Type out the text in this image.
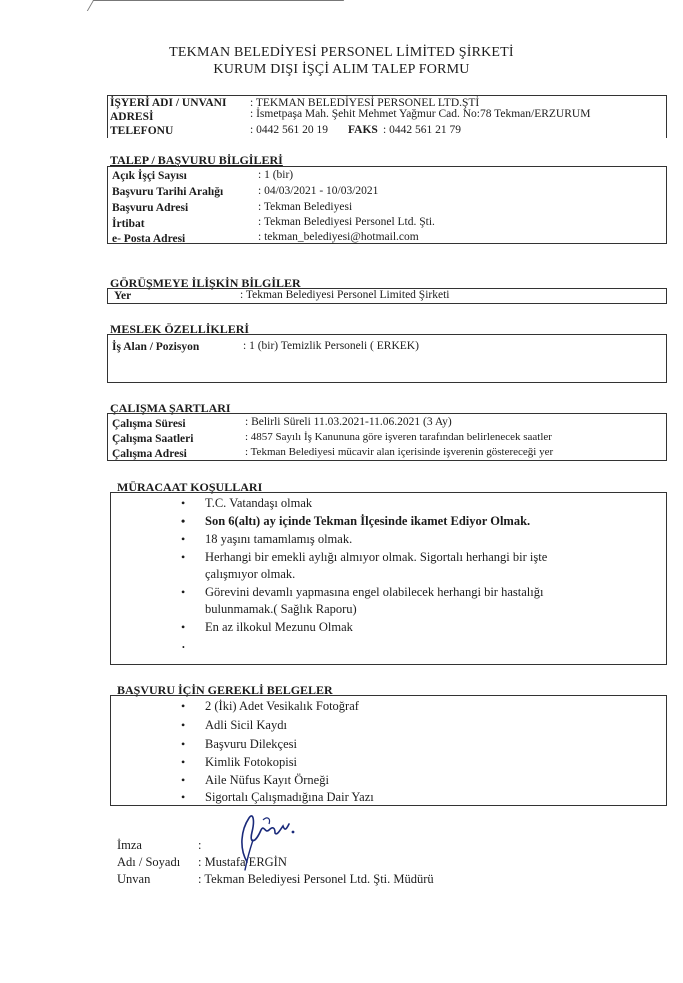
TEKMAN BELEDİYESİ PERSONEL LİMİTED ŞİRKETİ
KURUM DIŞI İŞÇİ ALIM TALEP FORMU
İŞYERİ ADI / UNVANI : TEKMAN BELEDİYESİ PERSONEL LTD.ŞTİ
ADRESİ	: İsmetpaşa Mah. Şehit Mehmet Yağmur Cad. No:78 Tekman/ERZURUM
TELEFONU	: 0442 561 20 19 FAKS : 0442 561 21 79
TALEP / BAŞVURU BİLGİLERİ
Açık İşçi Sayısı	: 1 (bir)
Başvuru Tarihi Aralığı	: 04/03/2021 - 10/03/2021
Başvuru Adresi	: Tekman Belediyesi
İrtibat	: Tekman Belediyesi Personel Ltd. Şti.
e- Posta Adresi	: tekman_belediyesi@hotmail.com
GÖRÜŞMEYE İLİŞKİN BİLGİLER
Yer	: Tekman Belediyesi Personel Limited Şirketi
MESLEK ÖZELLİKLERİ
İş Alan / Pozisyon	: 1 (bir) Temizlik Personeli ( ERKEK)
ÇALIŞMA ŞARTLARI
Çalışma Süresi	: Belirli Süreli 11.03.2021-11.06.2021 (3 Ay)
Çalışma Saatleri	: 4857 Sayılı İş Kanununa göre işveren tarafından belirlenecek saatler
Çalışma Adresi	: Tekman Belediyesi mücavir alan içerisinde işverenin göstereceği yer
MÜRACAAT KOŞULLARI
• T.C. Vatandaşı olmak
• Son 6(altı) ay içinde Tekman İlçesinde ikamet Ediyor Olmak.
• 18 yaşını tamamlamış olmak.
• Herhangi bir emekli aylığı almıyor olmak. Sigortalı herhangi bir işte
çalışmıyor olmak.
• Görevini devamlı yapmasına engel olabilecek herhangi bir hastalığı
bulunmamak.( Sağlık Raporu)
• En az ilkokul Mezunu Olmak
•
BAŞVURU İÇİN GEREKLİ BELGELER
• 2 (İki) Adet Vesikalık Fotoğraf
• Adli Sicil Kaydı
• Başvuru Dilekçesi
• Kimlik Fotokopisi
• Aile Nüfus Kayıt Örneği
• Sigortalı Çalışmadığına Dair Yazı
İmza	:
Adı / Soyadı : Mustafa ERGİN
Unvan	: Tekman Belediyesi Personel Ltd. Şti. Müdürü
